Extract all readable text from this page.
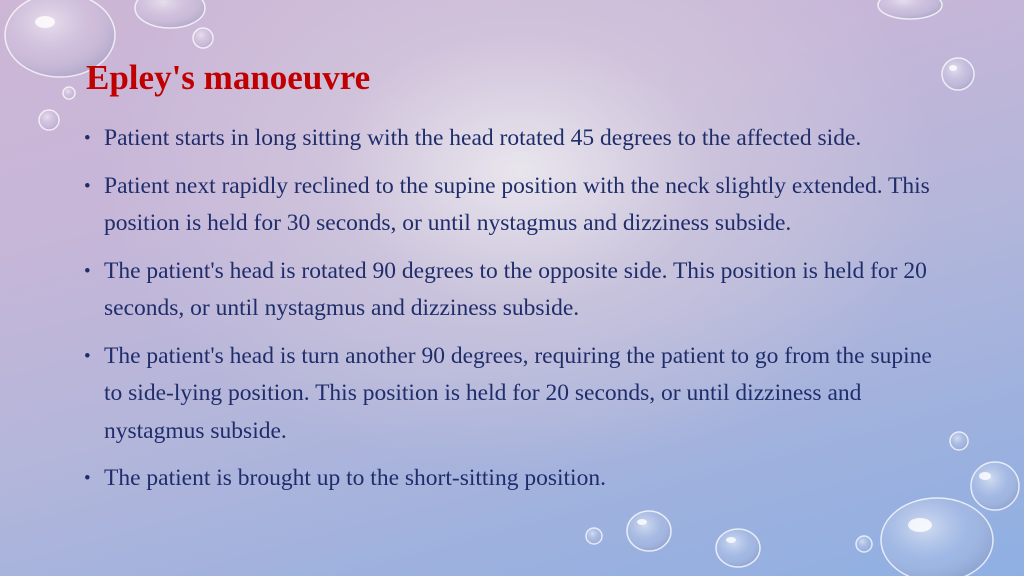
Epley's manoeuvre
• Patient starts in long sitting with the head rotated 45 degrees to the affected side.
• Patient next rapidly reclined to the supine position with the neck slightly extended. This position is held for 30 seconds, or until nystagmus and dizziness subside.
• The patient's head is rotated 90 degrees to the opposite side. This position is held for 20 seconds, or until nystagmus and dizziness subside.
• The patient's head is turn another 90 degrees, requiring the patient to go from the supine to side-lying position. This position is held for 20 seconds, or until dizziness and nystagmus subside.
• The patient is brought up to the short-sitting position.
